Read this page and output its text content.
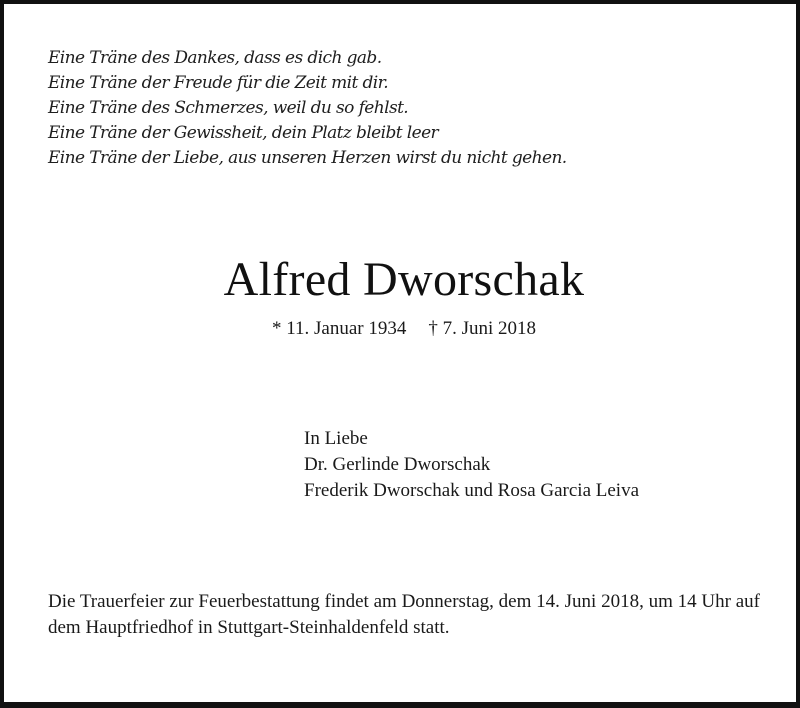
Eine Träne des Dankes, dass es dich gab.
Eine Träne der Freude für die Zeit mit dir.
Eine Träne des Schmerzes, weil du so fehlst.
Eine Träne der Gewissheit, dein Platz bleibt leer
Eine Träne der Liebe, aus unseren Herzen wirst du nicht gehen.
Alfred Dworschak
* 11. Januar 1934 † 7. Juni 2018
In Liebe
Dr. Gerlinde Dworschak
Frederik Dworschak und Rosa Garcia Leiva
Die Trauerfeier zur Feuerbestattung findet am Donnerstag, dem 14. Juni 2018, um 14 Uhr auf dem Hauptfriedhof in Stuttgart-Steinhaldenfeld statt.
